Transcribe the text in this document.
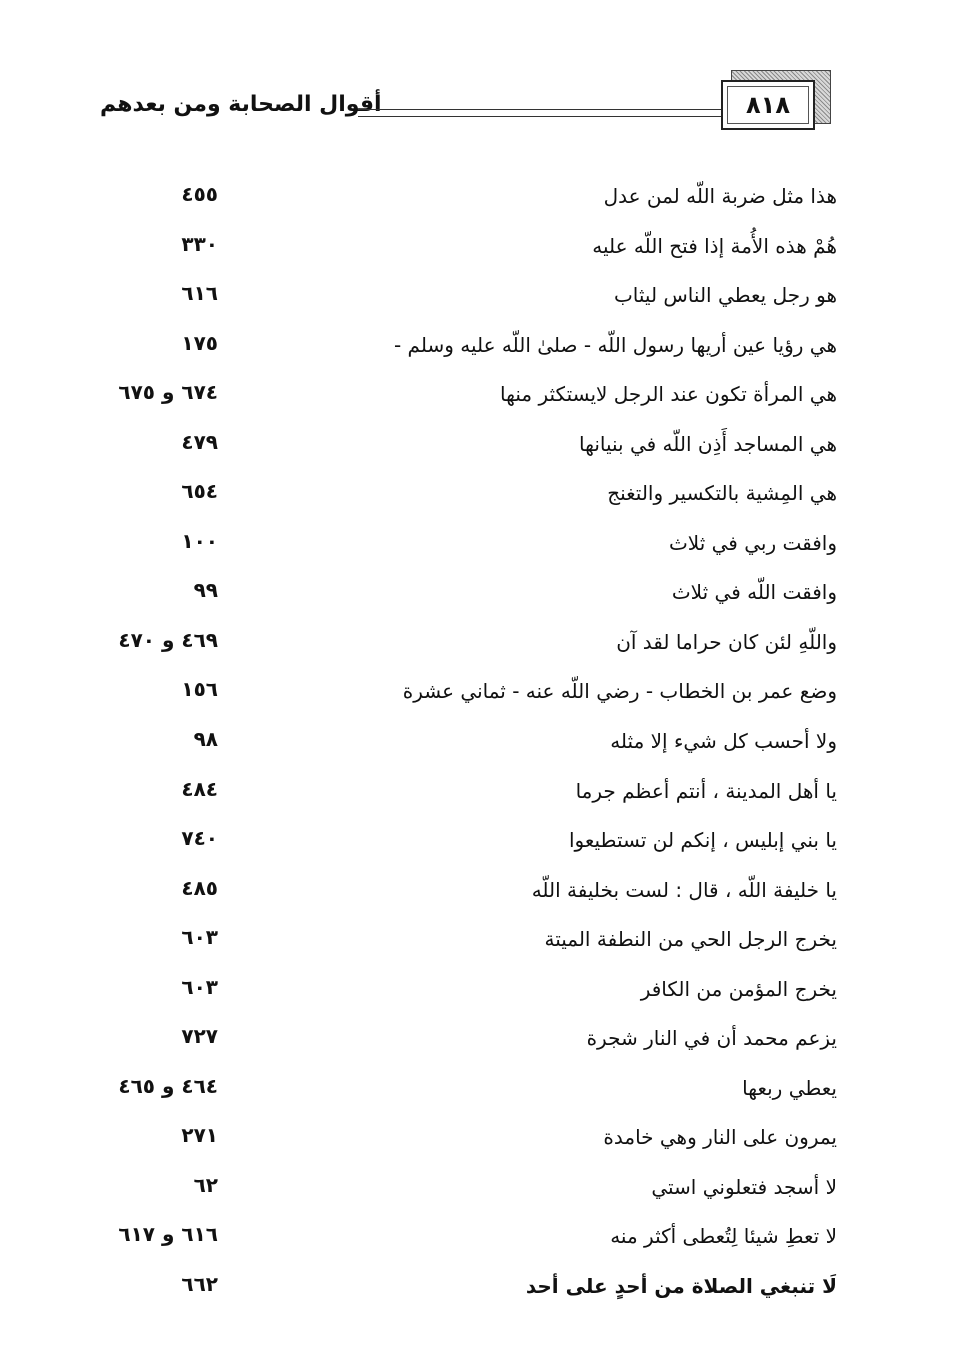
أقوال الصحابة ومن بعدهم	٨١٨
هذا مثل ضربة اللّه لمن عدل
٤٥٥
هُمْ هذه الأُمة إذا فتح اللّه عليه
٣٣٠
هو رجل يعطي الناس ليثاب
٦١٦
هي رؤيا عين أريها رسول اللّه - صلىٰ اللّه عليه وسلم -
١٧٥
هي المرأة تكون عند الرجل لايستكثر منها
٦٧٤ و ٦٧٥
هي المساجد أَذِن اللّه في بنيانها
٤٧٩
هي المِشية بالتكسير والتغنج
٦٥٤
وافقت ربي في ثلاث
١٠٠
وافقت اللّه في ثلاث
٩٩
واللّهِ لئن كان حراما لقد آن
٤٦٩ و ٤٧٠
وضع عمر بن الخطاب - رضي اللّه عنه - ثماني عشرة
١٥٦
ولا أحسب كل شيء إلا مثله
٩٨
يا أهل المدينة ، أنتم أعظم جرما
٤٨٤
يا بني إبليس ، إنكم لن تستطيعوا
٧٤٠
يا خليفة اللّه ، قال : لست بخليفة اللّه
٤٨٥
يخرج الرجل الحي من النطفة الميتة
٦٠٣
يخرج المؤمن من الكافر
٦٠٣
يزعم محمد أن في النار شجرة
٧٢٧
يعطي ربعها
٤٦٤ و ٤٦٥
يمرون على النار وهي خامدة
٢٧١
لا أسجد فتعلوني استي
٦٢
لا تعطِ شيئا لِتُعطى أكثر منه
٦١٦ و ٦١٧
لَا تنبغي الصلاة من أحدٍ على أحد
٦٦٢
